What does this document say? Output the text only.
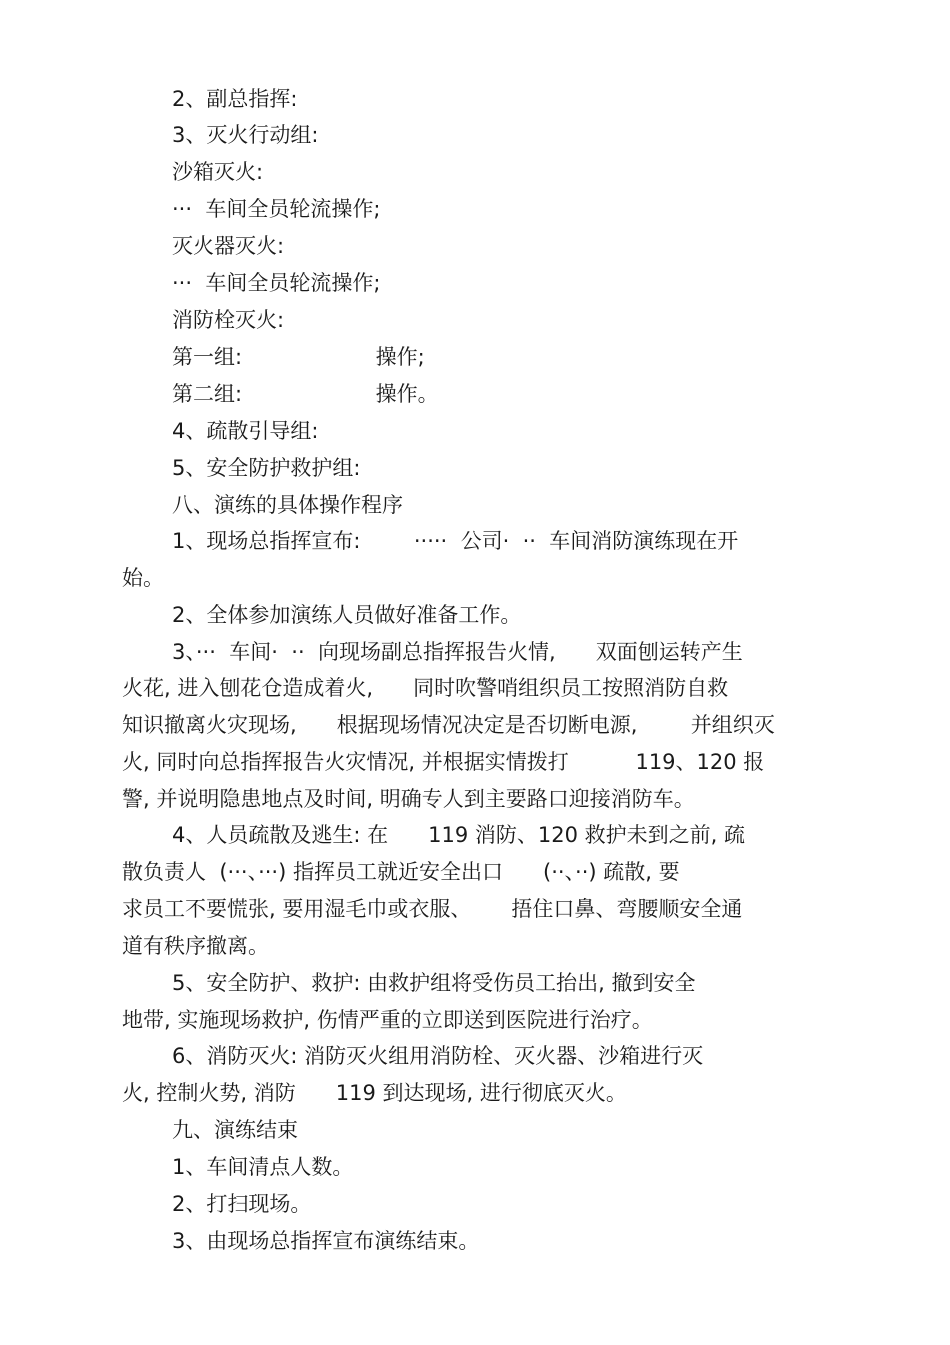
2、副总指挥:
3、灭火行动组:
沙箱灭火:
···  车间全员轮流操作;
灭火器灭火:
···  车间全员轮流操作;
消防栓灭火:
第一组:                    操作;
第二组:                    操作。
4、疏散引导组:
5、安全防护救护组:
八、演练的具体操作程序
1、现场总指挥宣布:        ·····  公司·  ··  车间消防演练现在开
始。
2、全体参加演练人员做好准备工作。
3、···  车间·  ··  向现场副总指挥报告火情,      双面刨运转产生
火花, 进入刨花仓造成着火,      同时吹警哨组织员工按照消防自救
知识撤离火灾现场,      根据现场情况决定是否切断电源,        并组织灭
火, 同时向总指挥报告火灾情况, 并根据实情拨打          119、120 报
警, 并说明隐患地点及时间, 明确专人到主要路口迎接消防车。
4、人员疏散及逃生: 在      119 消防、120 救护未到之前, 疏
散负责人  (···、···) 指挥员工就近安全出口      (··、··) 疏散, 要
求员工不要慌张, 要用湿毛巾或衣服、      捂住口鼻、弯腰顺安全通
道有秩序撤离。
5、安全防护、救护: 由救护组将受伤员工抬出, 撤到安全
地带, 实施现场救护, 伤情严重的立即送到医院进行治疗。
6、消防灭火: 消防灭火组用消防栓、灭火器、沙箱进行灭
火, 控制火势, 消防      119 到达现场, 进行彻底灭火。
九、演练结束
1、车间清点人数。
2、打扫现场。
3、由现场总指挥宣布演练结束。
